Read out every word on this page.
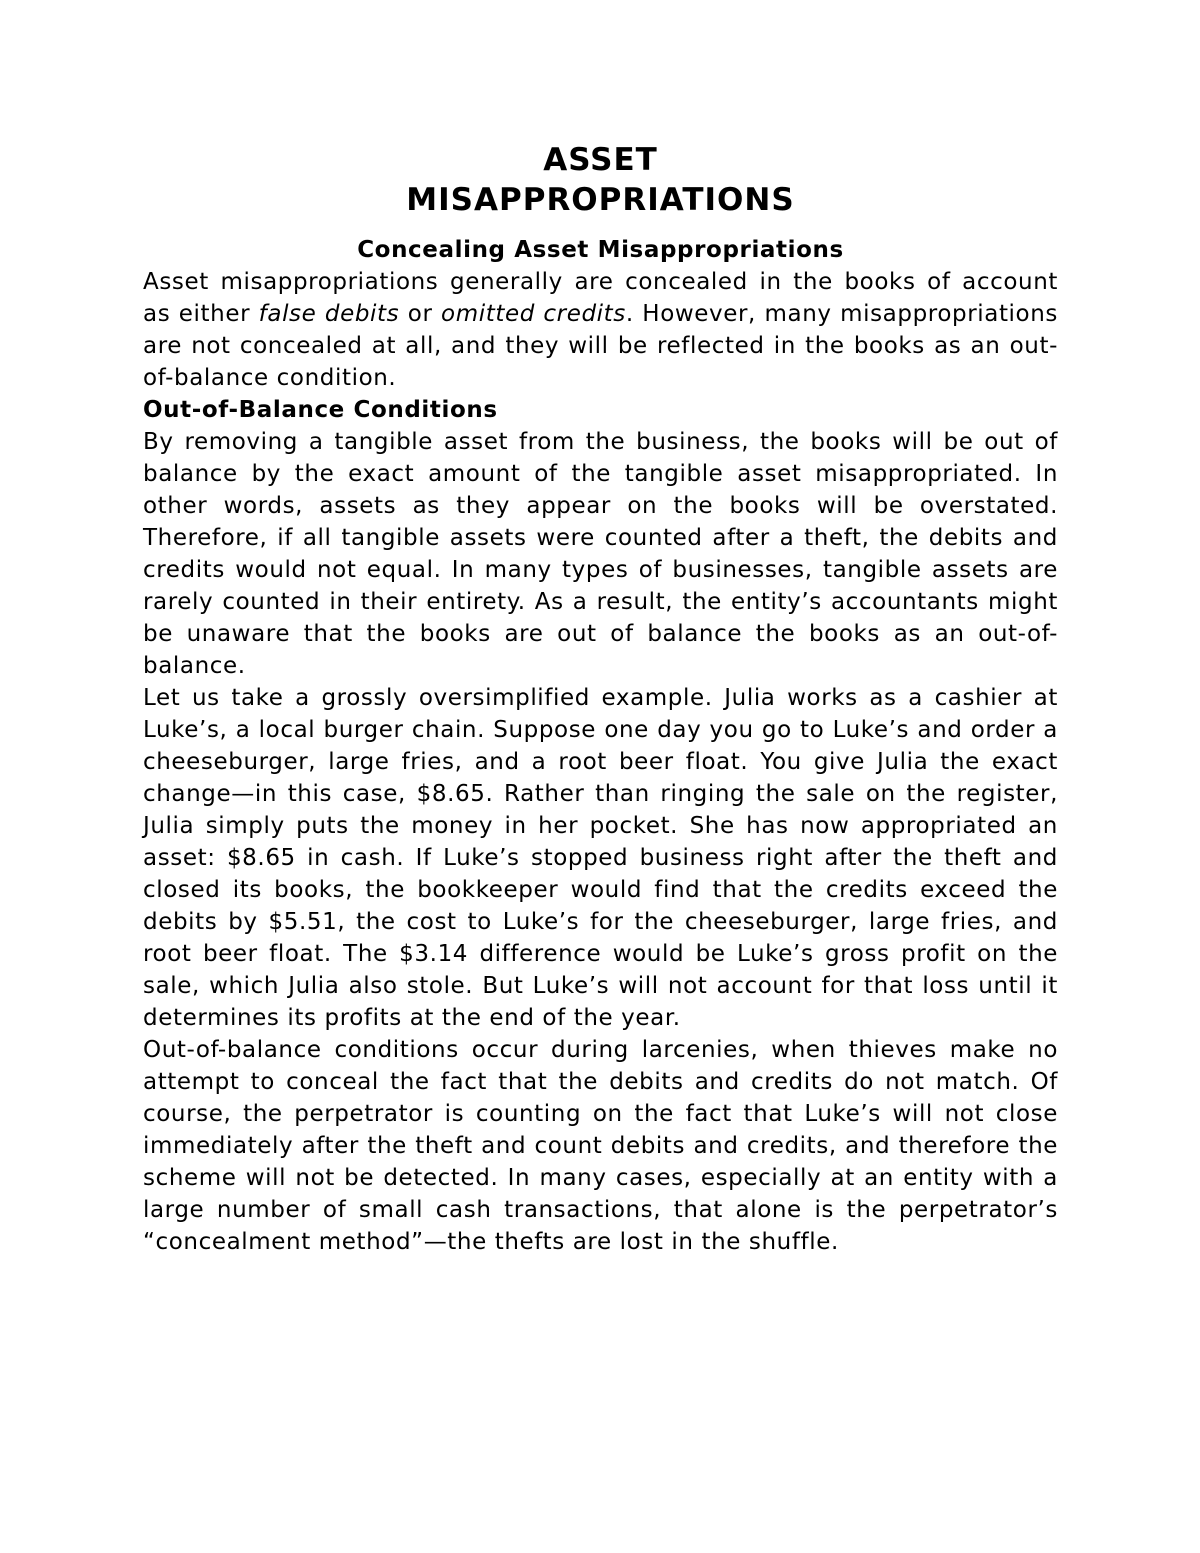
ASSET
MISAPPROPRIATIONS
Concealing Asset Misappropriations

Asset misappropriations generally are concealed in the books of account as either false debits or omitted credits. However, many misappropriations are not concealed at all, and they will be reflected in the books as an out-of-balance condition.

Out-of-Balance Conditions

By removing a tangible asset from the business, the books will be out of balance by the exact amount of the tangible asset misappropriated. In other words, assets as they appear on the books will be overstated. Therefore, if all tangible assets were counted after a theft, the debits and credits would not equal. In many types of businesses, tangible assets are rarely counted in their entirety. As a result, the entity’s accountants might be unaware that the books are out of balance the books as an out-of-balance.

Let us take a grossly oversimplified example. Julia works as a cashier at Luke’s, a local burger chain. Suppose one day you go to Luke’s and order a cheeseburger, large fries, and a root beer float. You give Julia the exact change—in this case, $8.65. Rather than ringing the sale on the register, Julia simply puts the money in her pocket. She has now appropriated an asset: $8.65 in cash. If Luke’s stopped business right after the theft and closed its books, the bookkeeper would find that the credits exceed the debits by $5.51, the cost to Luke’s for the cheeseburger, large fries, and root beer float. The $3.14 difference would be Luke’s gross profit on the sale, which Julia also stole. But Luke’s will not account for that loss until it determines its profits at the end of the year.

Out-of-balance conditions occur during larcenies, when thieves make no attempt to conceal the fact that the debits and credits do not match. Of course, the perpetrator is counting on the fact that Luke’s will not close immediately after the theft and count debits and credits, and therefore the scheme will not be detected. In many cases, especially at an entity with a large number of small cash transactions, that alone is the perpetrator’s “concealment method”—the thefts are lost in the shuffle.
